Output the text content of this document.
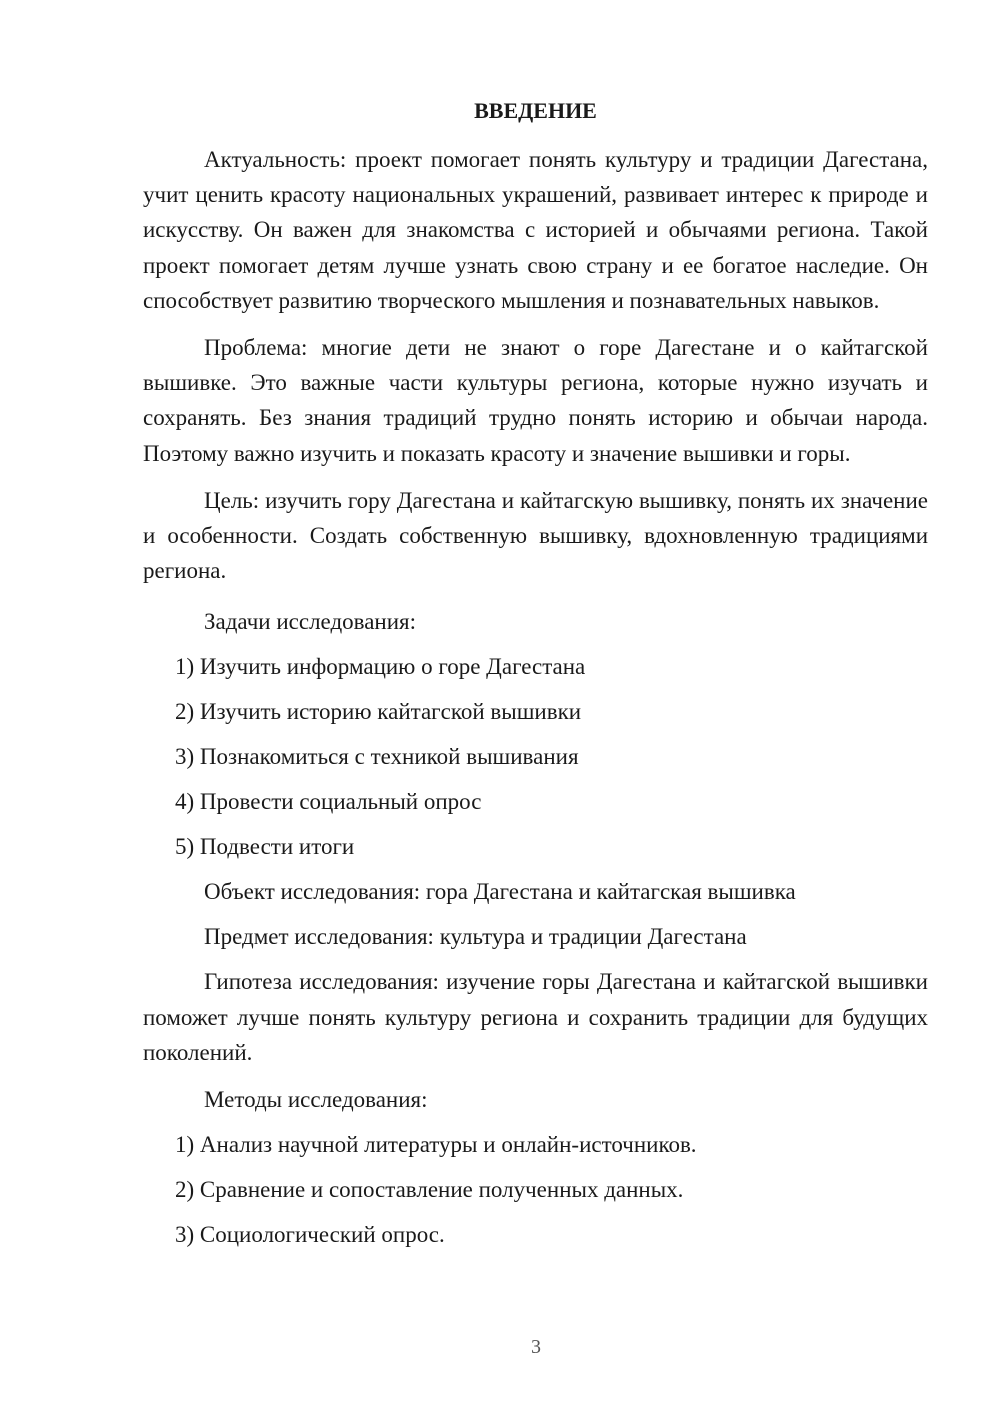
ВВЕДЕНИЕ

Актуальность: проект помогает понять культуру и традиции Дагестана, учит ценить красоту национальных украшений, развивает интерес к природе и искусству. Он важен для знакомства с историей и обычаями региона. Такой проект помогает детям лучше узнать свою страну и ее богатое наследие. Он способствует развитию творческого мышления и познавательных навыков.

Проблема: многие дети не знают о горе Дагестане и о кайтагской вышивке. Это важные части культуры региона, которые нужно изучать и сохранять. Без знания традиций трудно понять историю и обычаи народа. Поэтому важно изучить и показать красоту и значение вышивки и горы.

Цель: изучить гору Дагестана и кайтагскую вышивку, понять их значение и особенности. Создать собственную вышивку, вдохновленную традициями региона.

Задачи исследования:

1) Изучить информацию о горе Дагестана

2) Изучить историю кайтагской вышивки

3) Познакомиться с техникой вышивания

4) Провести социальный опрос

5) Подвести итоги

Объект исследования: гора Дагестана и кайтагская вышивка

Предмет исследования: культура и традиции Дагестана

Гипотеза исследования: изучение горы Дагестана и кайтагской вышивки поможет лучше понять культуру региона и сохранить традиции для будущих поколений.

Методы исследования:

1) Анализ научной литературы и онлайн-источников.

2) Сравнение и сопоставление полученных данных.

3) Социологический опрос.

3
